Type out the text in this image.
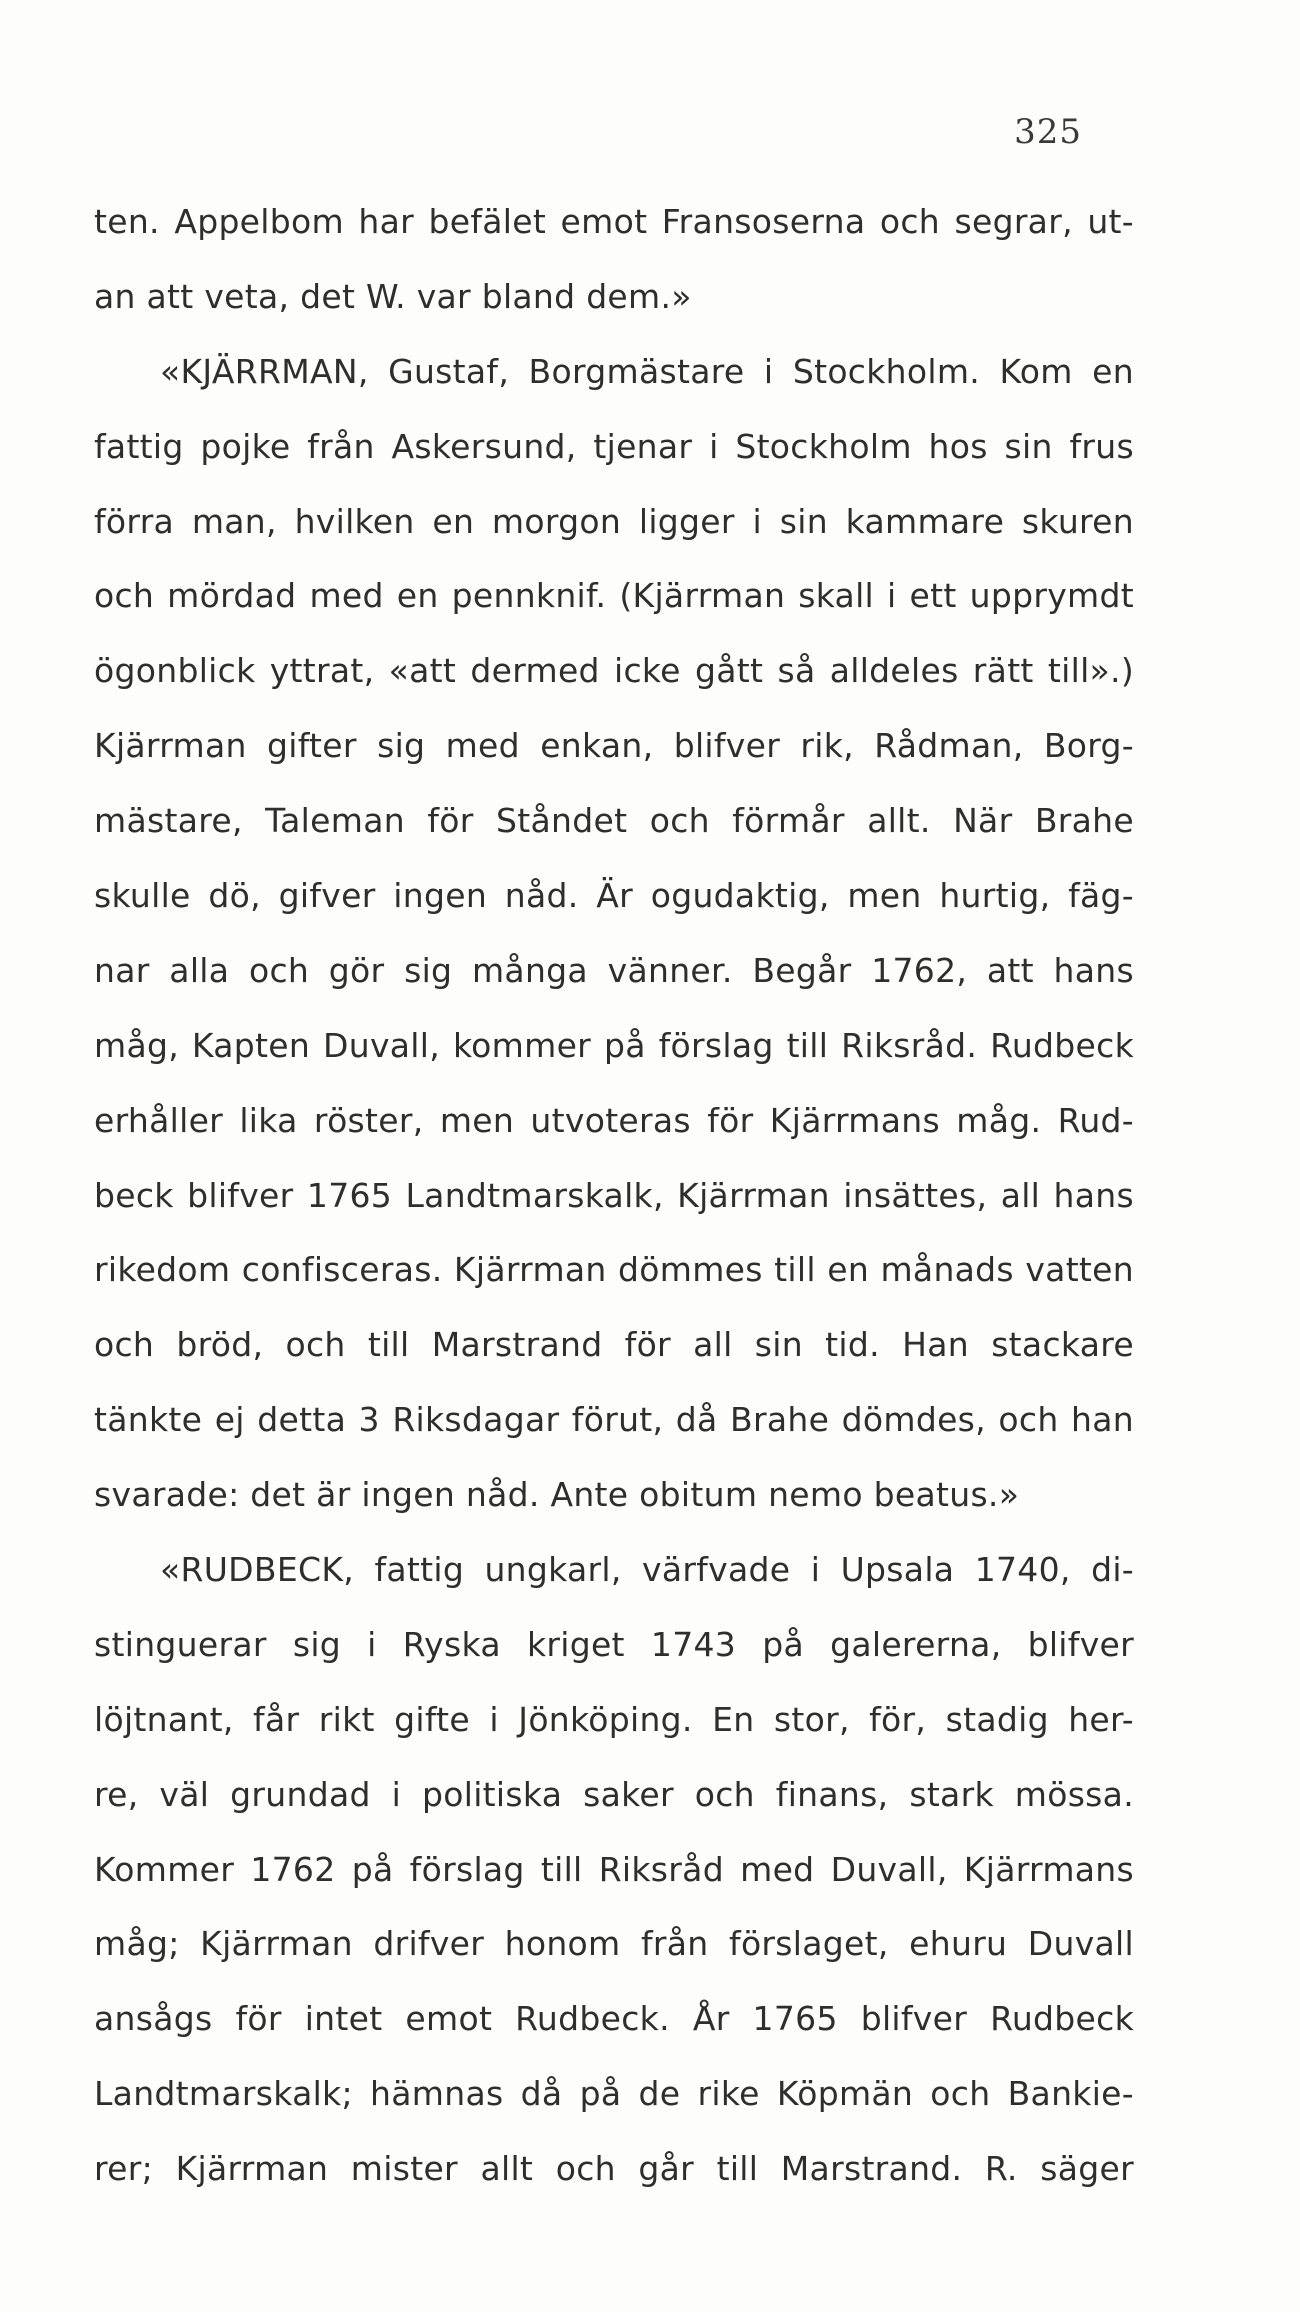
325
ten. Appelbom har befälet emot Fransoserna och segrar, ut-
an att veta, det W. var bland dem.»
«KJÄRRMAN, Gustaf, Borgmästare i Stockholm. Kom en
fattig pojke från Askersund, tjenar i Stockholm hos sin frus
förra man, hvilken en morgon ligger i sin kammare skuren
och mördad med en pennknif. (Kjärrman skall i ett upprymdt
ögonblick yttrat, «att dermed icke gått så alldeles rätt till».)
Kjärrman gifter sig med enkan, blifver rik, Rådman, Borg-
mästare, Taleman för Ståndet och förmår allt. När Brahe
skulle dö, gifver ingen nåd. Är ogudaktig, men hurtig, fäg-
nar alla och gör sig många vänner. Begår 1762, att hans
måg, Kapten Duvall, kommer på förslag till Riksråd. Rudbeck
erhåller lika röster, men utvoteras för Kjärrmans måg. Rud-
beck blifver 1765 Landtmarskalk, Kjärrman insättes, all hans
rikedom confisceras. Kjärrman dömmes till en månads vatten
och bröd, och till Marstrand för all sin tid. Han stackare
tänkte ej detta 3 Riksdagar förut, då Brahe dömdes, och han
svarade: det är ingen nåd. Ante obitum nemo beatus.»
«RUDBECK, fattig ungkarl, värfvade i Upsala 1740, di-
stinguerar sig i Ryska kriget 1743 på galererna, blifver
löjtnant, får rikt gifte i Jönköping. En stor, för, stadig her-
re, väl grundad i politiska saker och finans, stark mössa.
Kommer 1762 på förslag till Riksråd med Duvall, Kjärrmans
måg; Kjärrman drifver honom från förslaget, ehuru Duvall
ansågs för intet emot Rudbeck. År 1765 blifver Rudbeck
Landtmarskalk; hämnas då på de rike Köpmän och Bankie-
rer; Kjärrman mister allt och går till Marstrand. R. säger
